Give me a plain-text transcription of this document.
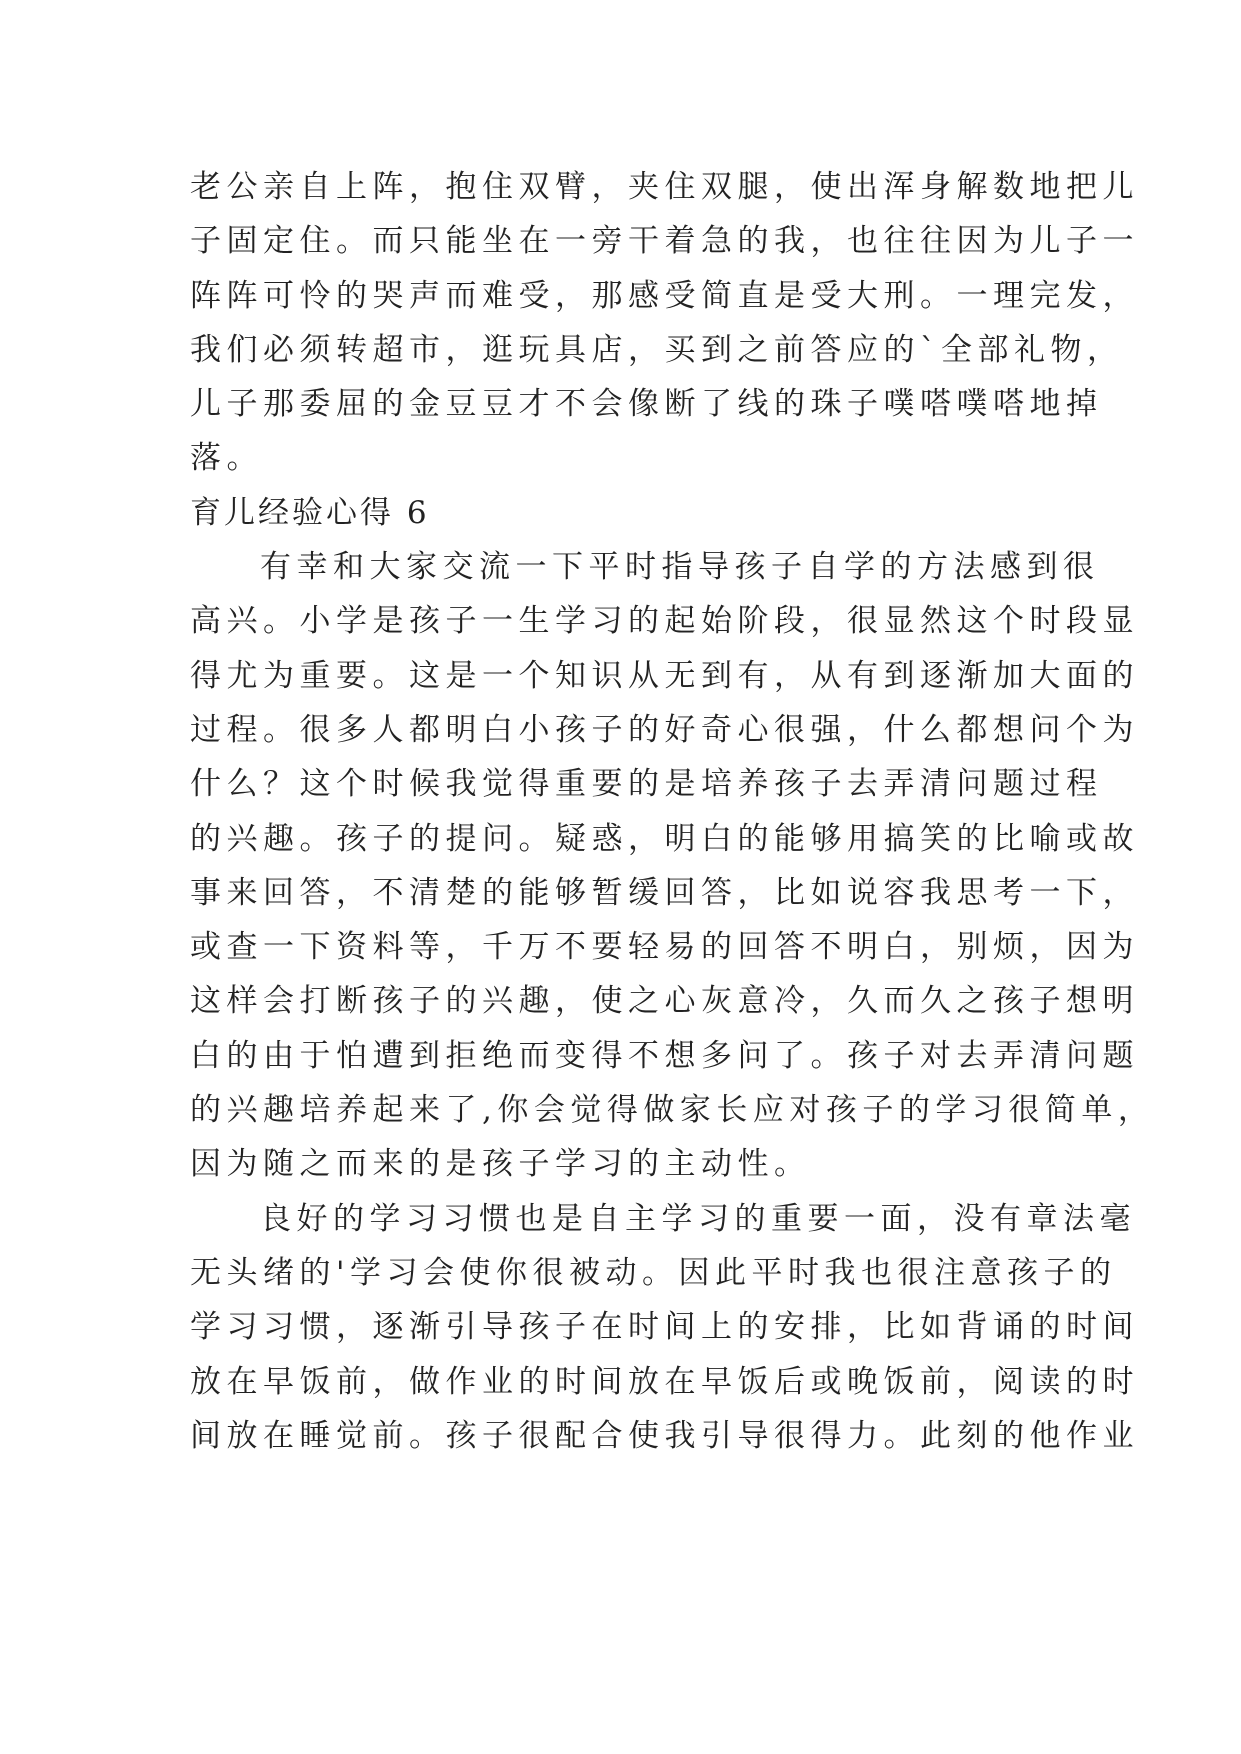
老公亲自上阵，抱住双臂，夹住双腿，使出浑身解数地把儿
子固定住。而只能坐在一旁干着急的我，也往往因为儿子一
阵阵可怜的哭声而难受，那感受简直是受大刑。一理完发，
我们必须转超市，逛玩具店，买到之前答应的`全部礼物，
儿子那委屈的金豆豆才不会像断了线的珠子噗嗒噗嗒地掉
落。
育儿经验心得 6
有幸和大家交流一下平时指导孩子自学的方法感到很
高兴。小学是孩子一生学习的起始阶段，很显然这个时段显
得尤为重要。这是一个知识从无到有，从有到逐渐加大面的
过程。很多人都明白小孩子的好奇心很强，什么都想问个为
什么？这个时候我觉得重要的是培养孩子去弄清问题过程
的兴趣。孩子的提问。疑惑，明白的能够用搞笑的比喻或故
事来回答，不清楚的能够暂缓回答，比如说容我思考一下，
或查一下资料等，千万不要轻易的回答不明白，别烦，因为
这样会打断孩子的兴趣，使之心灰意冷，久而久之孩子想明
白的由于怕遭到拒绝而变得不想多问了。孩子对去弄清问题
的兴趣培养起来了,你会觉得做家长应对孩子的学习很简单，
因为随之而来的是孩子学习的主动性。
良好的学习习惯也是自主学习的重要一面，没有章法毫
无头绪的'学习会使你很被动。因此平时我也很注意孩子的
学习习惯，逐渐引导孩子在时间上的安排，比如背诵的时间
放在早饭前，做作业的时间放在早饭后或晚饭前，阅读的时
间放在睡觉前。孩子很配合使我引导很得力。此刻的他作业
